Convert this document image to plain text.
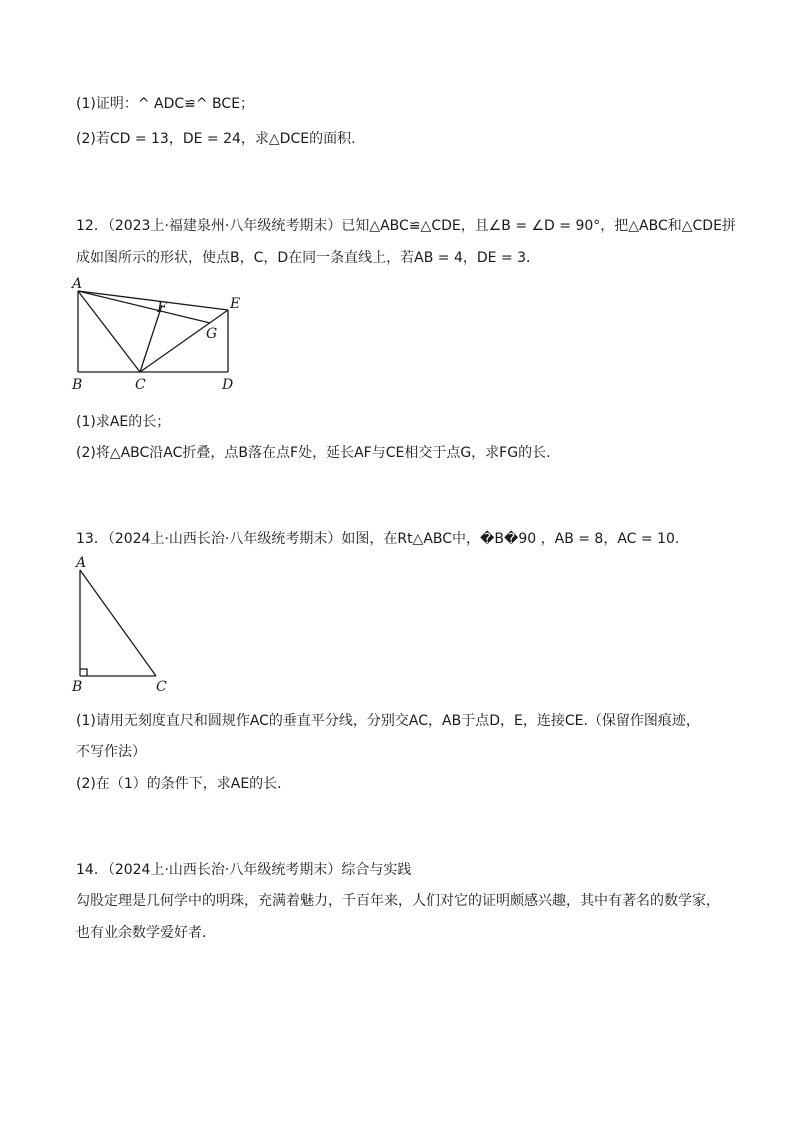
(1)证明：^ ADC≌^ BCE；
(2)若CD = 13，DE = 24，求△DCE的面积.
12．（2023上·福建泉州·八年级统考期末）已知△ABC≌△CDE，且∠B = ∠D = 90°，把△ABC和△CDE拼
成如图所示的形状，使点B，C，D在同一条直线上，若AB = 4，DE = 3．
A
B	C	D
E
F
G
(1)求AE的长；
(2)将△ABC沿AC折叠，点B落在点F处，延长AF与CE相交于点G，求FG的长.
13．（2024上·山西长治·八年级统考期末）如图，在Rt△ABC中，�B�90 ，AB = 8，AC = 10.
A
B	C
(1)请用无刻度直尺和圆规作AC的垂直平分线，分别交AC，AB于点D，E，连接CE.（保留作图痕迹，
不写作法）
(2)在（1）的条件下，求AE的长.
14．（2024上·山西长治·八年级统考期末）综合与实践
勾股定理是几何学中的明珠，充满着魅力，千百年来，人们对它的证明颇感兴趣，其中有著名的数学家，
也有业余数学爱好者.
